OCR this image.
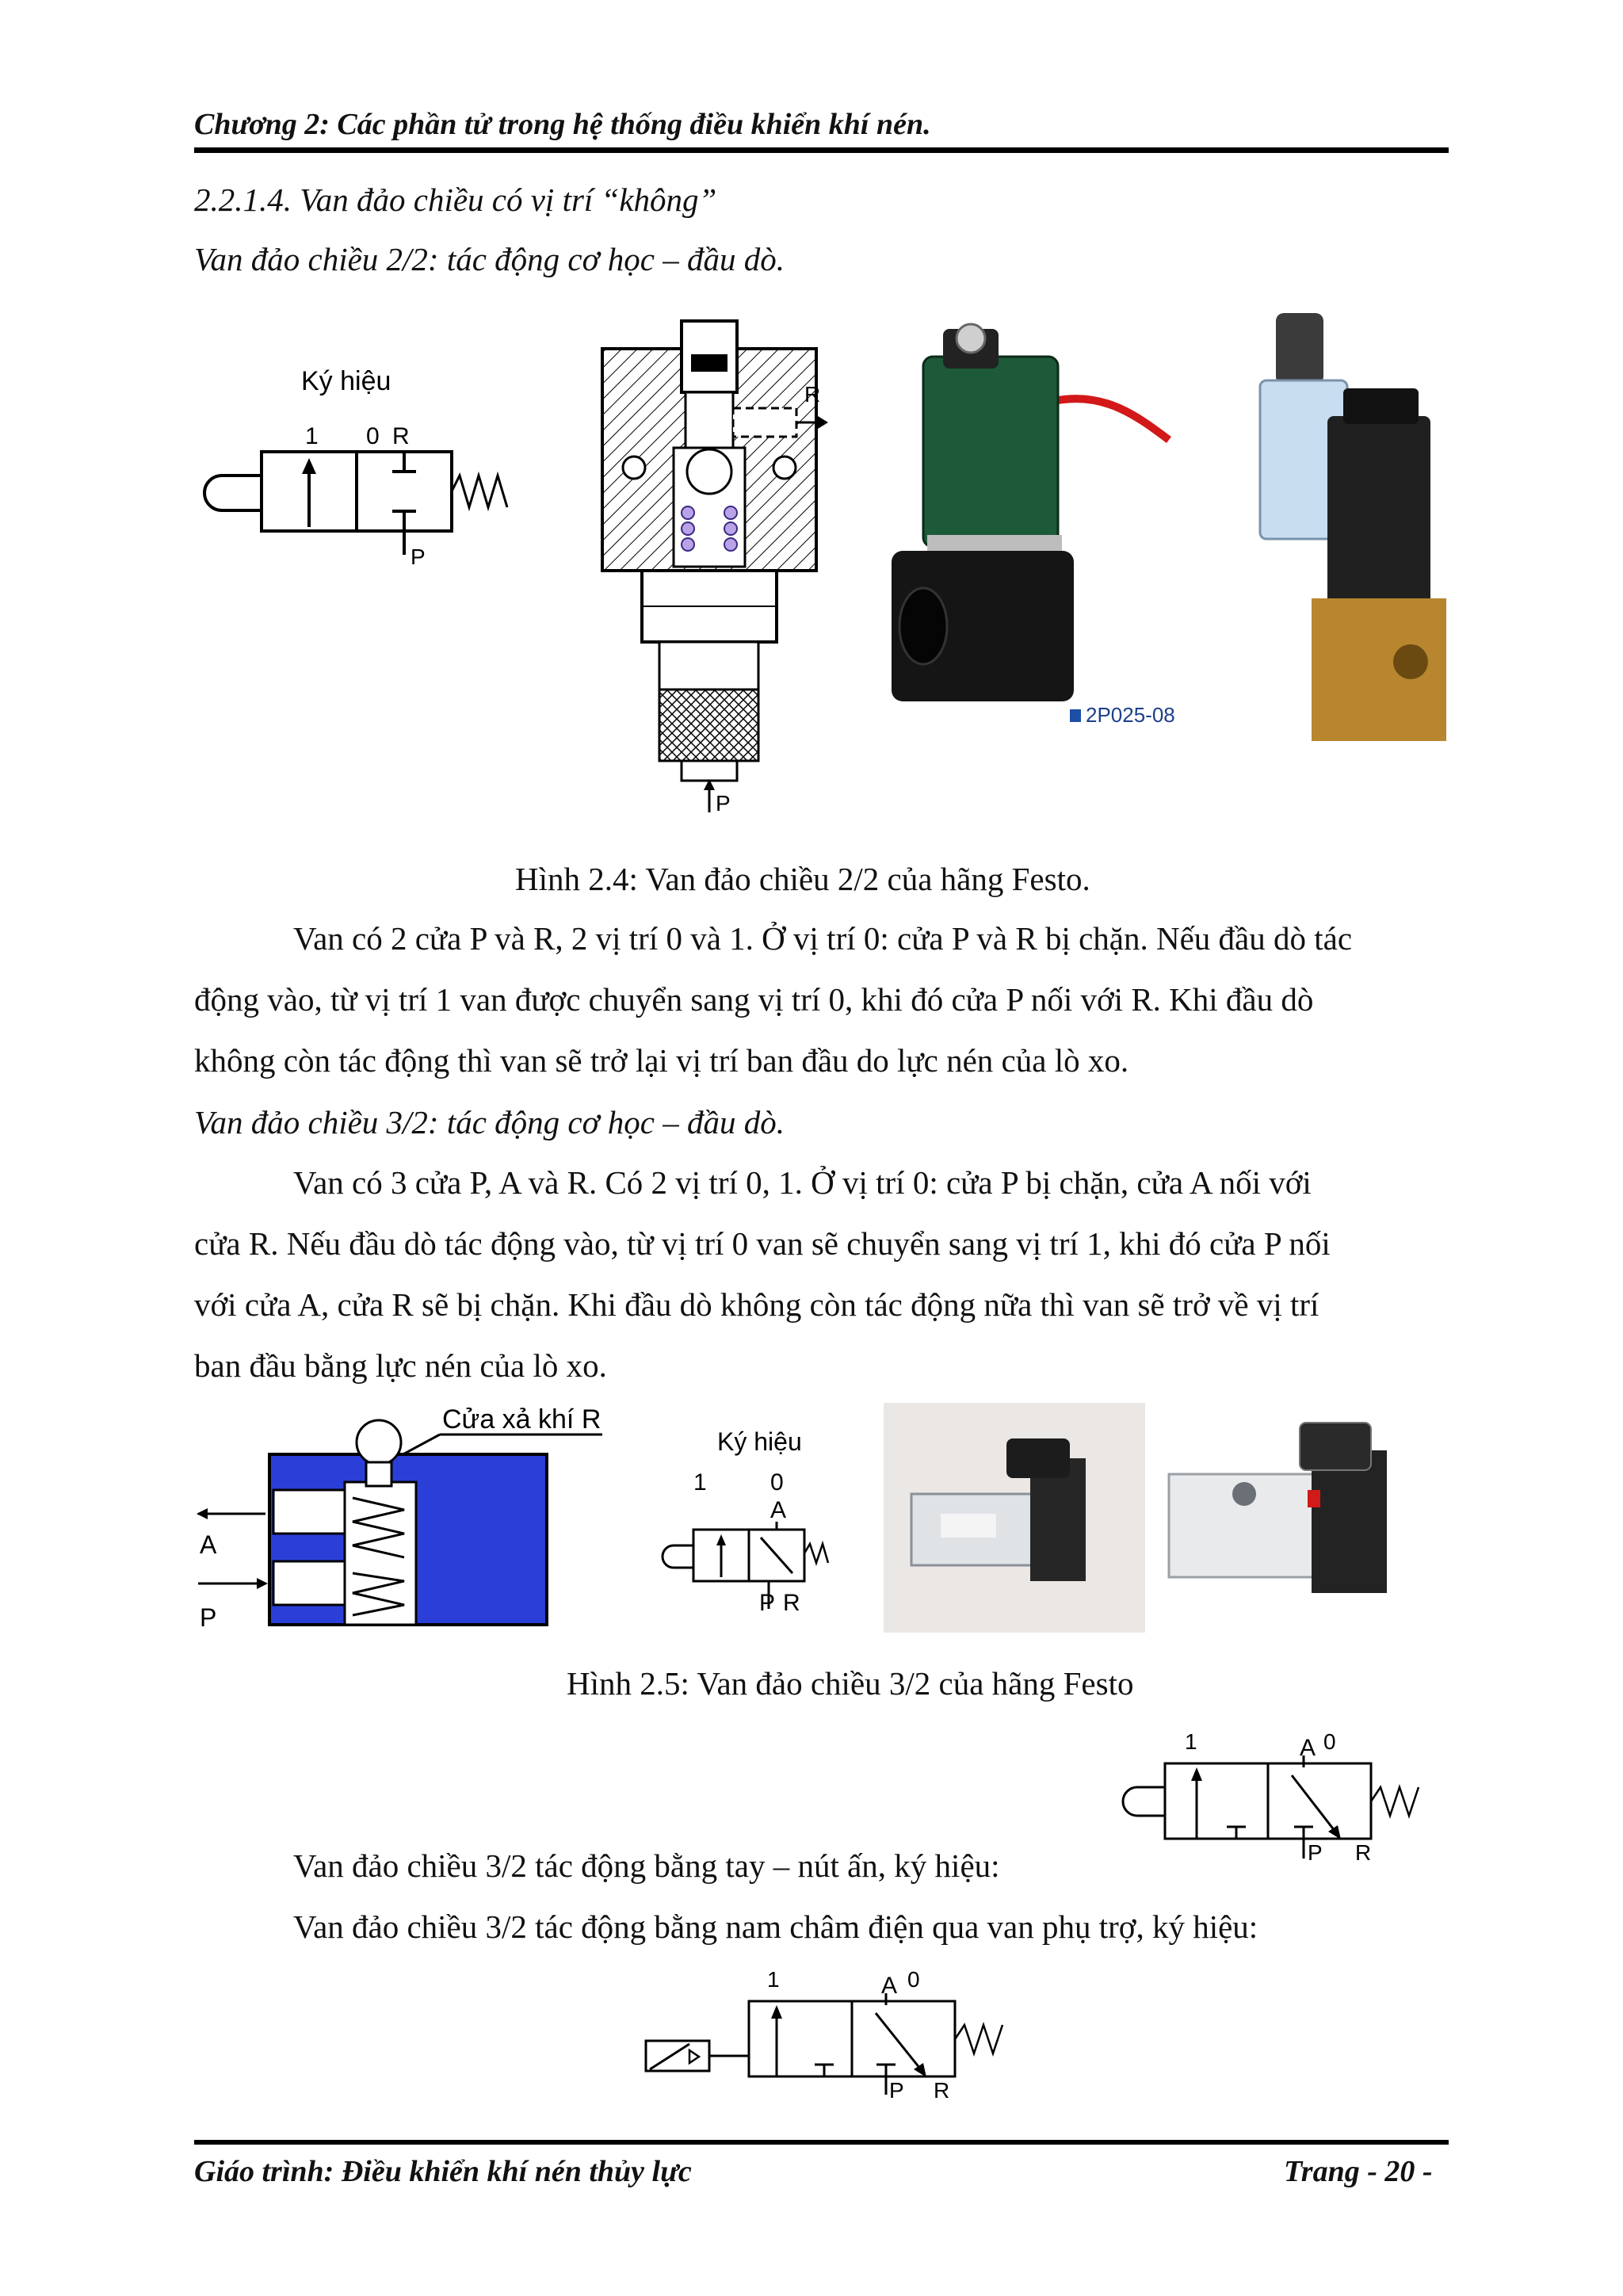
Chương 2: Các phần tử trong hệ thống điều khiển khí nén.
2.2.1.4. Van đảo chiều có vị trí “không”
Van đảo chiều 2/2: tác động cơ học – đầu dò.
Ký hiệu
1 0 R
P
R
P
2P025-08
Hình 2.4: Van đảo chiều 2/2 của hãng Festo.
Van có 2 cửa P và R, 2 vị trí 0 và 1. Ở vị trí 0: cửa P và R bị chặn. Nếu đầu dò tác
động vào, từ vị trí 1 van được chuyển sang vị trí 0, khi đó cửa P nối với R. Khi đầu dò
không còn tác động thì van sẽ trở lại vị trí ban đầu do lực nén của lò xo.
Van đảo chiều 3/2: tác động cơ học – đầu dò.
Van có 3 cửa P, A và R. Có 2 vị trí 0, 1. Ở vị trí 0: cửa P bị chặn, cửa A nối với
cửa R. Nếu đầu dò tác động vào, từ vị trí 0 van sẽ chuyển sang vị trí 1, khi đó cửa P nối
với cửa A, cửa R sẽ bị chặn. Khi đầu dò không còn tác động nữa thì van sẽ trở về vị trí
ban đầu bằng lực nén của lò xo.
Cửa xả khí R
A
P
Ký hiệu
1	0
A
P R
Hình 2.5: Van đảo chiều 3/2 của hãng Festo
1	A 0
P R
Van đảo chiều 3/2 tác động bằng tay – nút ấn, ký hiệu:
Van đảo chiều 3/2 tác động bằng nam châm điện qua van phụ trợ, ký hiệu:
1	A 0
P R
Giáo trình: Điều khiển khí nén thủy lực	Trang - 20 -
